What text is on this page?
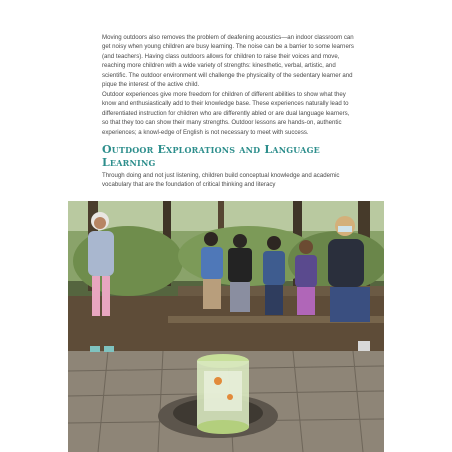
Moving outdoors also removes the problem of deafening acoustics—an indoor classroom can get noisy when young children are busy learning. The noise can be a barrier to some learners (and teachers). Having class outdoors allows for children to raise their voices and move, reaching more children with a wide variety of strengths: kinesthetic, verbal, artistic, and scientific. The outdoor environment will challenge the physicality of the sedentary learner and pique the interest of the active child.

Outdoor experiences give more freedom for children of different abilities to show what they know and enthusiastically add to their knowledge base. These experiences naturally lead to differentiated instruction for children who are differently abled or are dual language learners, so that they too can show their many strengths. Outdoor lessons are hands-on, authentic experiences; a knowl-edge of English is not necessary to meet with success.

Outdoor Explorations and Language Learning

Through doing and not just listening, children build conceptual knowledge and academic vocabulary that are the foundation of critical thinking and literacy
